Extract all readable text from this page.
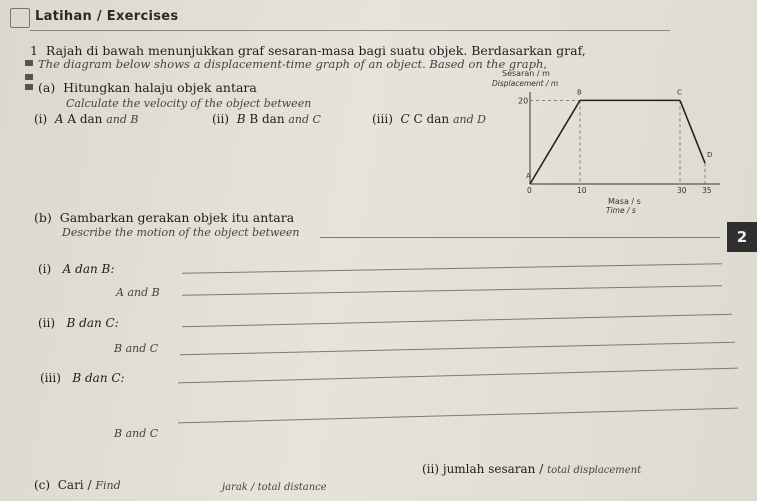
Latihan / Exercises
1 Rajah di bawah menunjukkan graf sesaran-masa bagi suatu objek. Berdasarkan graf,
The diagram below shows a displacement-time graph of an object. Based on the graph,
(a) Hitungkan halaju objek antara
Calculate the velocity of the object between
(i) A A dan and B	(ii) B B dan and C	(iii) C C dan and D
Sesaran / m
Displacement / m
A
B	C
D
0	10	30 35
20
Masa / s
Time / s
(b) Gambarkan gerakan objek itu antara
Describe the motion of the object between
(i) A dan B:
A and B
(ii) B dan C:
B and C
(iii) B dan C:
B and C
(c) Cari / Find	jarak / total distance
(ii) jumlah sesaran / total displacement
2
